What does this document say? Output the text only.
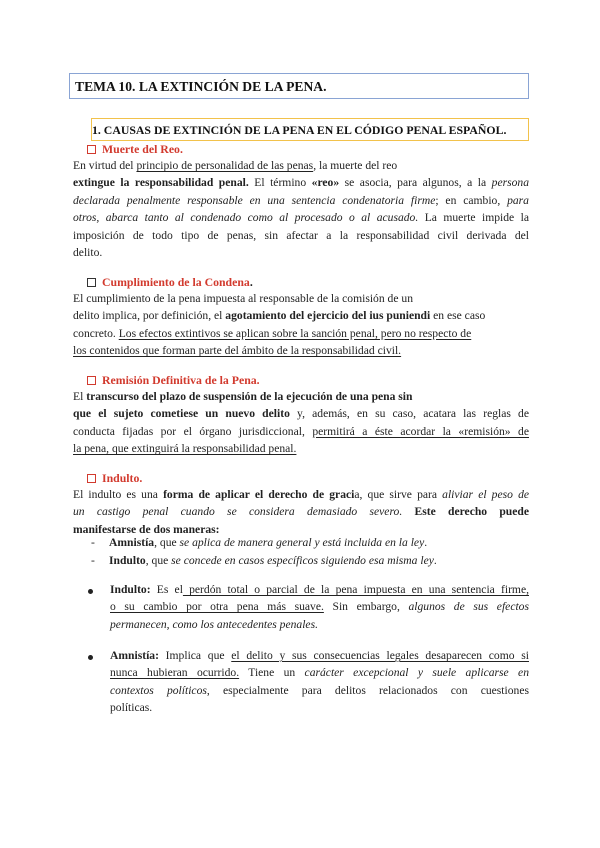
TEMA 10. LA EXTINCIÓN DE LA PENA.
1. CAUSAS DE EXTINCIÓN DE LA PENA EN EL CÓDIGO PENAL ESPAÑOL.
Muerte del Reo.
En virtud del principio de personalidad de las penas, la muerte del reo
extingue la responsabilidad penal. El término «reo» se asocia, para algunos, a la persona
declarada penalmente responsable en una sentencia condenatoria firme; en cambio, para
otros, abarca tanto al condenado como al procesado o al acusado. La muerte impide la
imposición de todo tipo de penas, sin afectar a la responsabilidad civil derivada del
delito.
Cumplimiento de la Condena.
El cumplimiento de la pena impuesta al responsable de la comisión de un
delito implica, por definición, el agotamiento del ejercicio del ius puniendi en ese caso
concreto. Los efectos extintivos se aplican sobre la sanción penal, pero no respecto de
los contenidos que forman parte del ámbito de la responsabilidad civil.
Remisión Definitiva de la Pena.
El transcurso del plazo de suspensión de la ejecución de una pena sin
que el sujeto cometiese un nuevo delito y, además, en su caso, acatara las reglas de
conducta fijadas por el órgano jurisdiccional, permitirá a éste acordar la «remisión» de
la pena, que extinguirá la responsabilidad penal.
Indulto.
El indulto es una forma de aplicar el derecho de gracia, que sirve para aliviar el peso de
un castigo penal cuando se considera demasiado severo. Este derecho puede
manifestarse de dos maneras:
- Amnistía, que se aplica de manera general y está incluida en la ley.
- Indulto, que se concede en casos específicos siguiendo esa misma ley.
Indulto: Es el perdón total o parcial de la pena impuesta en una sentencia firme,
o su cambio por otra pena más suave. Sin embargo, algunos de sus efectos
permanecen, como los antecedentes penales.
Amnistía: Implica que el delito y sus consecuencias legales desaparecen como si
nunca hubieran ocurrido. Tiene un carácter excepcional y suele aplicarse en
contextos políticos, especialmente para delitos relacionados con cuestiones
políticas.
